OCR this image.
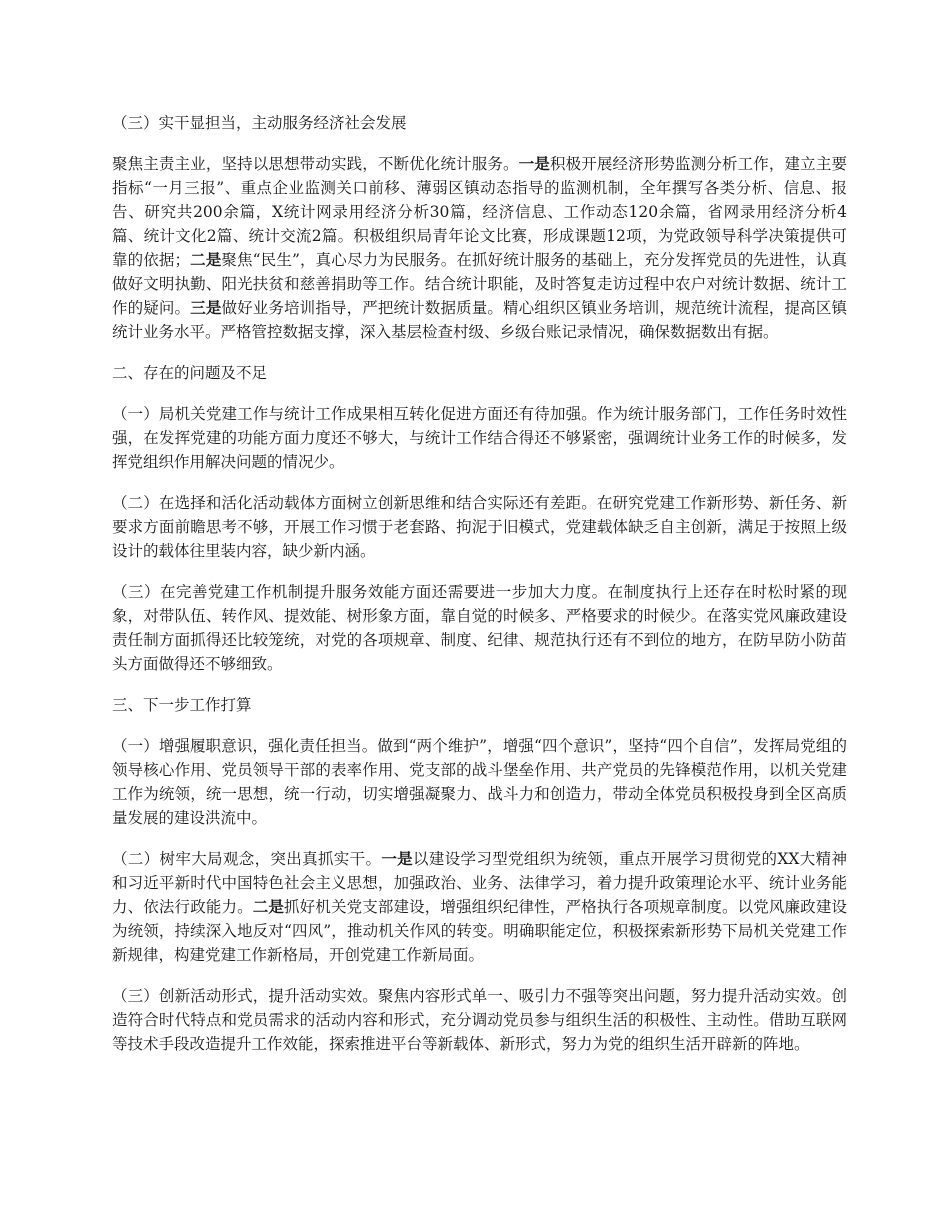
（三）实干显担当，主动服务经济社会发展

聚焦主责主业，坚持以思想带动实践，不断优化统计服务。一是积极开展经济形势监测分析工作，建立主要指标“一月三报”、重点企业监测关口前移、薄弱区镇动态指导的监测机制，全年撰写各类分析、信息、报告、研究共200余篇，X统计网录用经济分析30篇，经济信息、工作动态120余篇，省网录用经济分析4篇、统计文化2篇、统计交流2篇。积极组织局青年论文比赛，形成课题12项，为党政领导科学决策提供可靠的依据；二是聚焦“民生”，真心尽力为民服务。在抓好统计服务的基础上，充分发挥党员的先进性，认真做好文明执勤、阳光扶贫和慈善捐助等工作。结合统计职能，及时答复走访过程中农户对统计数据、统计工作的疑问。三是做好业务培训指导，严把统计数据质量。精心组织区镇业务培训，规范统计流程，提高区镇统计业务水平。严格管控数据支撑，深入基层检查村级、乡级台账记录情况，确保数据数出有据。

二、存在的问题及不足

（一）局机关党建工作与统计工作成果相互转化促进方面还有待加强。作为统计服务部门，工作任务时效性强，在发挥党建的功能方面力度还不够大，与统计工作结合得还不够紧密，强调统计业务工作的时候多，发挥党组织作用解决问题的情况少。

（二）在选择和活化活动载体方面树立创新思维和结合实际还有差距。在研究党建工作新形势、新任务、新要求方面前瞻思考不够，开展工作习惯于老套路、拘泥于旧模式，党建载体缺乏自主创新，满足于按照上级设计的载体往里装内容，缺少新内涵。

（三）在完善党建工作机制提升服务效能方面还需要进一步加大力度。在制度执行上还存在时松时紧的现象，对带队伍、转作风、提效能、树形象方面，靠自觉的时候多、严格要求的时候少。在落实党风廉政建设责任制方面抓得还比较笼统，对党的各项规章、制度、纪律、规范执行还有不到位的地方，在防早防小防苗头方面做得还不够细致。

三、下一步工作打算

（一）增强履职意识，强化责任担当。做到“两个维护”，增强“四个意识”，坚持“四个自信”，发挥局党组的领导核心作用、党员领导干部的表率作用、党支部的战斗堡垒作用、共产党员的先锋模范作用，以机关党建工作为统领，统一思想，统一行动，切实增强凝聚力、战斗力和创造力，带动全体党员积极投身到全区高质量发展的建设洪流中。

（二）树牢大局观念，突出真抓实干。一是以建设学习型党组织为统领，重点开展学习贯彻党的XX大精神和习近平新时代中国特色社会主义思想，加强政治、业务、法律学习，着力提升政策理论水平、统计业务能力、依法行政能力。二是抓好机关党支部建设，增强组织纪律性，严格执行各项规章制度。以党风廉政建设为统领，持续深入地反对“四风”，推动机关作风的转变。明确职能定位，积极探索新形势下局机关党建工作新规律，构建党建工作新格局，开创党建工作新局面。

（三）创新活动形式，提升活动实效。聚焦内容形式单一、吸引力不强等突出问题，努力提升活动实效。创造符合时代特点和党员需求的活动内容和形式，充分调动党员参与组织生活的积极性、主动性。借助互联网等技术手段改造提升工作效能，探索推进平台等新载体、新形式，努力为党的组织生活开辟新的阵地。
